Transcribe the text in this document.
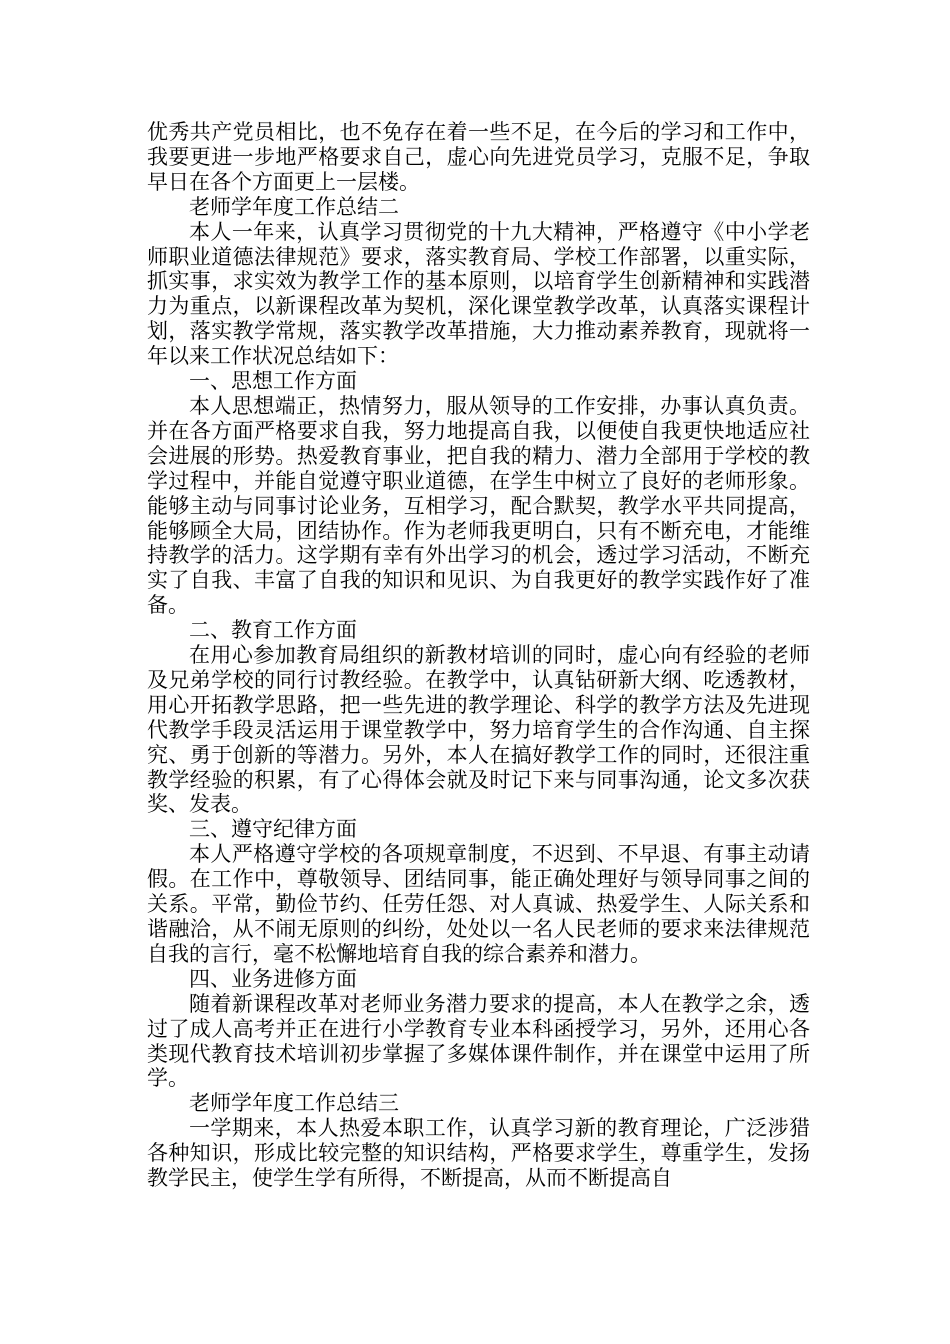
优秀共产党员相比，也不免存在着一些不足，在今后的学习和工作中，我要更进一步地严格要求自己，虚心向先进党员学习，克服不足，争取早日在各个方面更上一层楼。

老师学年度工作总结二

本人一年来，认真学习贯彻党的十九大精神，严格遵守《中小学老师职业道德法律规范》要求，落实教育局、学校工作部署，以重实际，抓实事，求实效为教学工作的基本原则，以培育学生创新精神和实践潜力为重点，以新课程改革为契机，深化课堂教学改革，认真落实课程计划，落实教学常规，落实教学改革措施，大力推动素养教育，现就将一年以来工作状况总结如下：

一、思想工作方面

本人思想端正，热情努力，服从领导的工作安排，办事认真负责。并在各方面严格要求自我，努力地提高自我，以便使自我更快地适应社会进展的形势。热爱教育事业，把自我的精力、潜力全部用于学校的教学过程中，并能自觉遵守职业道德，在学生中树立了良好的老师形象。能够主动与同事讨论业务，互相学习，配合默契，教学水平共同提高，能够顾全大局，团结协作。作为老师我更明白，只有不断充电，才能维持教学的活力。这学期有幸有外出学习的机会，透过学习活动，不断充实了自我、丰富了自我的知识和见识、为自我更好的教学实践作好了准备。

二、教育工作方面

在用心参加教育局组织的新教材培训的同时，虚心向有经验的老师及兄弟学校的同行讨教经验。在教学中，认真钻研新大纲、吃透教材，用心开拓教学思路，把一些先进的教学理论、科学的教学方法及先进现代教学手段灵活运用于课堂教学中，努力培育学生的合作沟通、自主探究、勇于创新的等潜力。另外，本人在搞好教学工作的同时，还很注重教学经验的积累，有了心得体会就及时记下来与同事沟通，论文多次获奖、发表。

三、遵守纪律方面

本人严格遵守学校的各项规章制度，不迟到、不早退、有事主动请假。在工作中，尊敬领导、团结同事，能正确处理好与领导同事之间的关系。平常，勤俭节约、任劳任怨、对人真诚、热爱学生、人际关系和谐融洽，从不闹无原则的纠纷，处处以一名人民老师的要求来法律规范自我的言行，毫不松懈地培育自我的综合素养和潜力。

四、业务进修方面

随着新课程改革对老师业务潜力要求的提高，本人在教学之余，透过了成人高考并正在进行小学教育专业本科函授学习，另外，还用心各类现代教育技术培训初步掌握了多媒体课件制作，并在课堂中运用了所学。

老师学年度工作总结三

一学期来，本人热爱本职工作，认真学习新的教育理论，广泛涉猎各种知识，形成比较完整的知识结构，严格要求学生，尊重学生，发扬教学民主，使学生学有所得，不断提高，从而不断提高自
